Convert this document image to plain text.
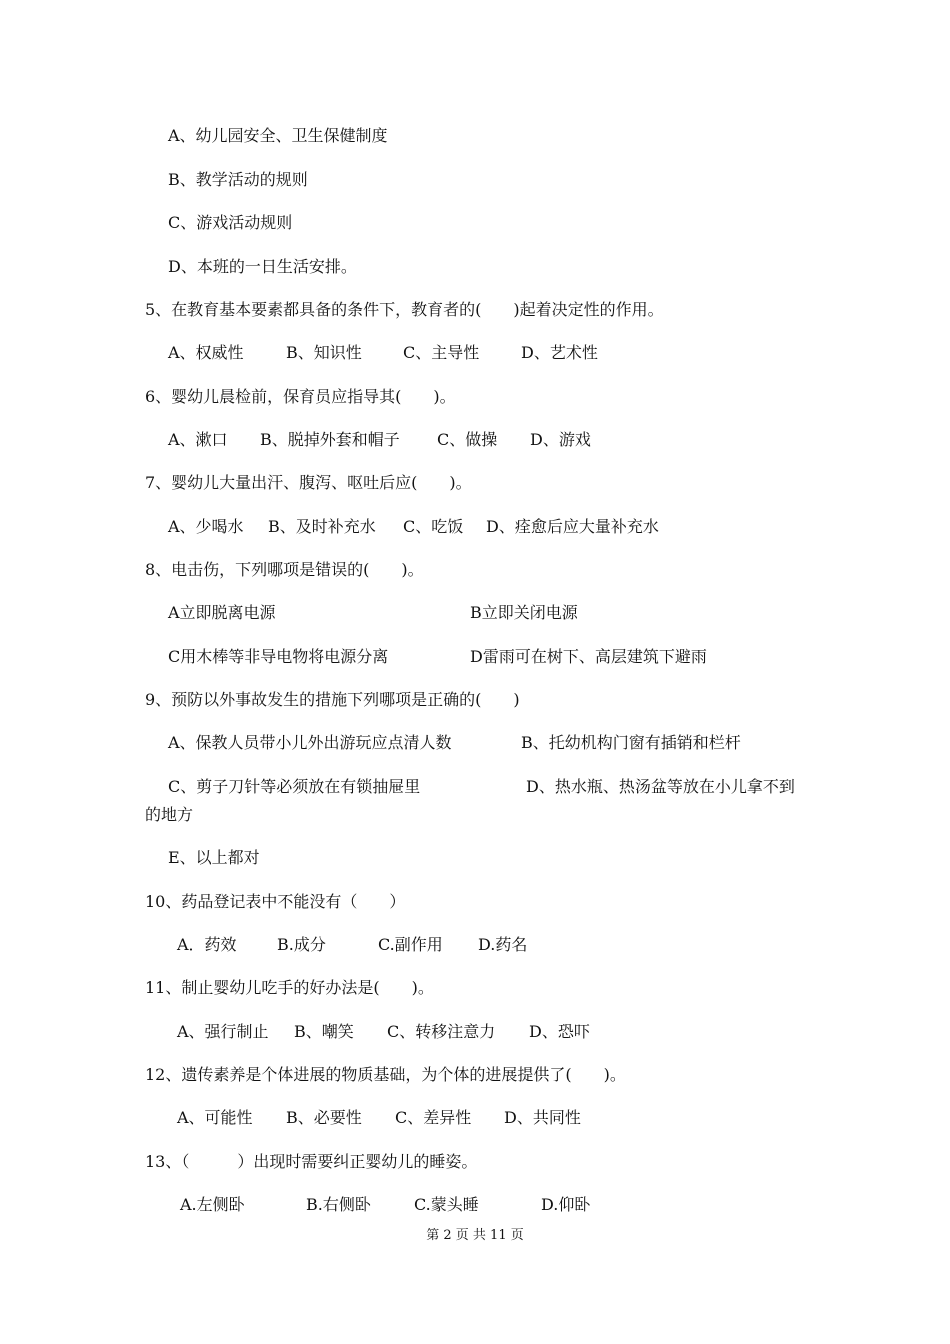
A、幼儿园安全、卫生保健制度
B、教学活动的规则
C、游戏活动规则
D、本班的一日生活安排。
5、在教育基本要素都具备的条件下，教育者的(　　)起着决定性的作用。
A、权威性	B、知识性	C、主导性	D、艺术性
6、婴幼儿晨检前，保育员应指导其(　　)。
A、漱口 B、脱掉外套和帽子 C、做操 D、游戏
7、婴幼儿大量出汗、腹泻、呕吐后应(　　)。
A、少喝水 B、及时补充水 C、吃饭 D、痊愈后应大量补充水
8、电击伤，下列哪项是错误的(　　)。
A立即脱离电源	B立即关闭电源
C用木棒等非导电物将电源分离	D雷雨可在树下、高层建筑下避雨
9、预防以外事故发生的措施下列哪项是正确的(　　)
A、保教人员带小儿外出游玩应点清人数	B、托幼机构门窗有插销和栏杆
C、剪子刀针等必须放在有锁抽屉里	D、热水瓶、热汤盆等放在小儿拿不到
的地方
E、以上都对
10、药品登记表中不能没有（　　）
A．药效	B.成分	C.副作用 D.药名
11、制止婴幼儿吃手的好办法是(　　)。
A、强行制止 B、嘲笑 C、转移注意力 D、恐吓
12、遗传素养是个体进展的物质基础，为个体的进展提供了(　　)。
A、可能性 B、必要性 C、差异性 D、共同性
13、（　　　）出现时需要纠正婴幼儿的睡姿。
A.左侧卧	B.右侧卧	C.蒙头睡	D.仰卧
第 2 页 共 11 页
